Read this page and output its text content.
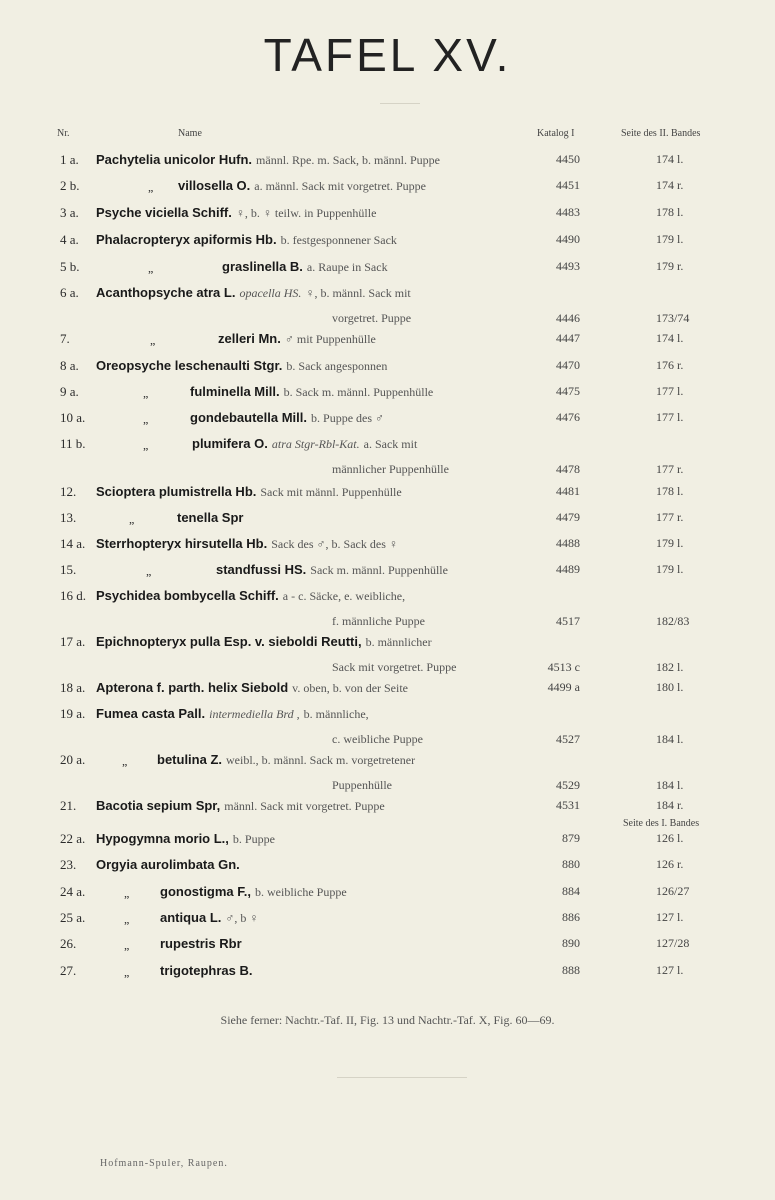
TAFEL XV.
Nr.	Name	Katalog I	Seite des II. Bandes
1 a. Pachytelia unicolor Hufn. männl. Rpe. m. Sack, b. männl. Puppe	4450	174 l.
2 b.	„ villosella O. a. männl. Sack mit vorgetret. Puppe	4451	174 r.
3 a. Psyche viciella Schiff. ♀, b. ♀ teilw. in Puppenhülle	4483	178 l.
4 a. Phalacropteryx apiformis Hb. b. festgesponnener Sack	4490	179 l.
5 b.	„	graslinella B. a. Raupe in Sack	4493	179 r.
6 a. Acanthopsyche atra L. opacella HS. ♀, b. männl. Sack mit
vorgetret. Puppe	4446	173/74
7.	„	zelleri Mn. ♂ mit Puppenhülle	4447	174 l.
8 a. Oreopsyche leschenaulti Stgr. b. Sack angesponnen	4470	176 r.
9 a.	„	fulminella Mill. b. Sack m. männl. Puppenhülle	4475	177 l.
10 a.	„	gondebautella Mill. b. Puppe des ♂	4476	177 l.
11 b.	„	plumifera O. atra Stgr-Rbl-Kat. a. Sack mit
männlicher Puppenhülle	4478	177 r.
12. Scioptera plumistrella Hb. Sack mit männl. Puppenhülle	4481	178 l.
13.	„	tenella Spr	4479	177 r.
14 a. Sterrhopteryx hirsutella Hb. Sack des ♂, b. Sack des ♀	4488	179 l.
15.	„	standfussi HS. Sack m. männl. Puppenhülle	4489	179 l.
16 d. Psychidea bombycella Schiff. a - c. Säcke, e. weibliche,
f. männliche Puppe	4517	182/83
17 a. Epichnopteryx pulla Esp. v. sieboldi Reutti, b. männlicher
Sack mit vorgetret. Puppe	4513 c	182 l.
18 a. Apterona f. parth. helix Siebold v. oben, b. von der Seite	4499 a	180 l.
19 a. Fumea casta Pall. intermediella Brd , b. männliche,
c. weibliche Puppe	4527	184 l.
20 a.	„ betulina Z. weibl., b. männl. Sack m. vorgetretener
Puppenhülle	4529	184 l.
21. Bacotia sepium Spr, männl. Sack mit vorgetret. Puppe	4531	184 r.
22 a. Hypogymna morio L., b. Puppe	879	126 l.
23. Orgyia aurolimbata Gn.	880	126 r.
24 a.	„ gonostigma F., b. weibliche Puppe	884	126/27
25 a.	„ antiqua L. ♂, b ♀	886	127 l.
26.	„ rupestris Rbr	890	127/28
27.	„ trigotephras B.	888	127 l.
Seite des I. Bandes
Siehe ferner: Nachtr.-Taf. II, Fig. 13 und Nachtr.-Taf. X, Fig. 60—69.
Hofmann-Spuler, Raupen.
